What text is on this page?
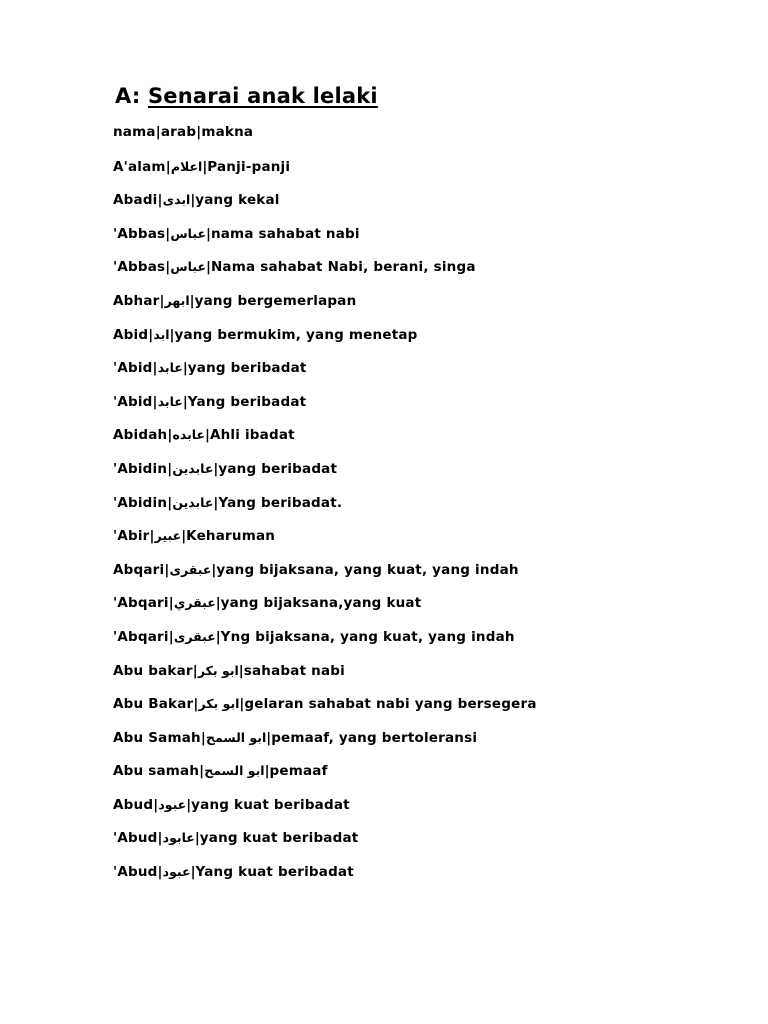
A: Senarai anak lelaki
nama|arab|makna
A'alam|اعلام|Panji-panji
Abadi|ابدى|yang kekal
'Abbas|عباس|nama sahabat nabi
'Abbas|عباس|Nama sahabat Nabi, berani, singa
Abhar|ابهر|yang bergemerlapan
Abid|ابد|yang bermukim, yang menetap
'Abid|عابد|yang beribadat
'Abid|عابد|Yang beribadat
Abidah|عابده|Ahli ibadat
'Abidin|عابدين|yang beribadat
'Abidin|عابدين|Yang beribadat.
'Abir|عبير|Keharuman
Abqari|عبقرى|yang bijaksana, yang kuat, yang indah
'Abqari|عبقري|yang bijaksana,yang kuat
'Abqari|عبقرى|Yng bijaksana, yang kuat, yang indah
Abu bakar|ابو بكر|sahabat nabi
Abu Bakar|ابو بكر|gelaran sahabat nabi yang bersegera
Abu Samah|ابو السمح|pemaaf, yang bertoleransi
Abu samah|ابو السمح|pemaaf
Abud|عبود|yang kuat beribadat
'Abud|عابود|yang kuat beribadat
'Abud|عبود|Yang kuat beribadat
